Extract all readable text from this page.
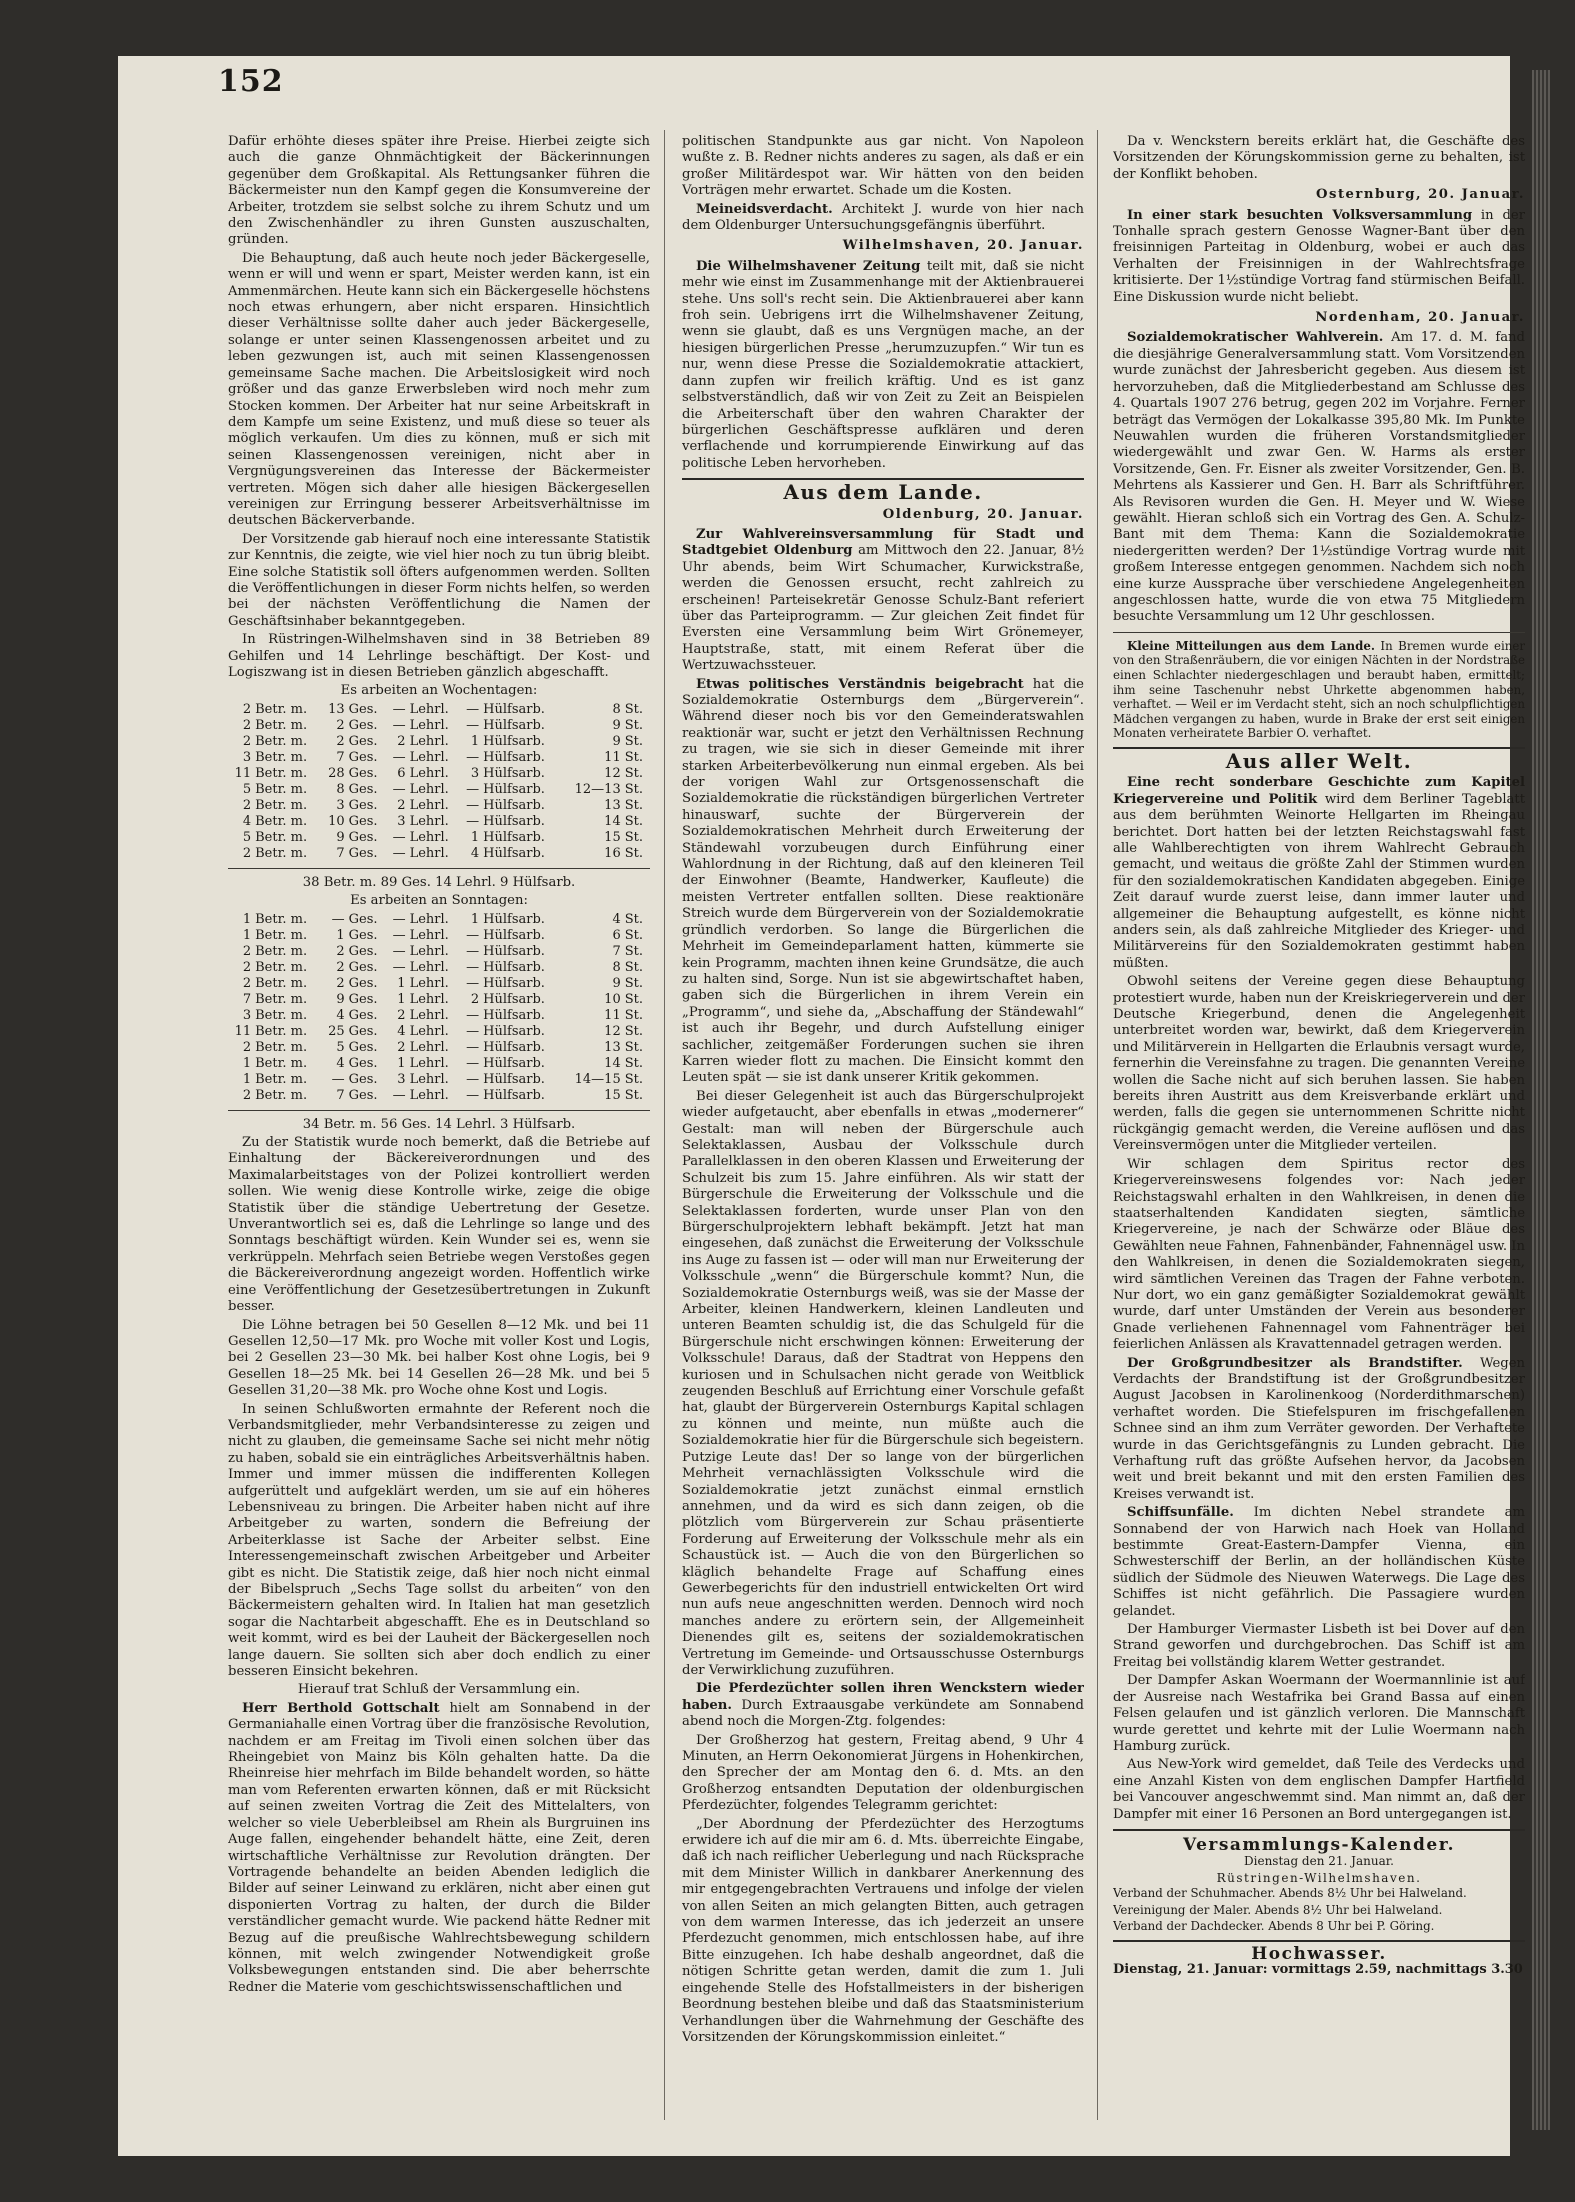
152

Dafür erhöhte dieses später ihre Preise. Hierbei zeigte sich auch die ganze Ohnmächtigkeit der Bäckerinnungen gegenüber dem Großkapital. Als Rettungsanker führen die Bäckermeister nun den Kampf gegen die Konsumvereine der Arbeiter, trotzdem sie selbst solche zu ihrem Schutz und um den Zwischenhändler zu ihren Gunsten auszuschalten, gründen.

Die Behauptung, daß auch heute noch jeder Bäckergeselle, wenn er will und wenn er spart, Meister werden kann, ist ein Ammenmärchen. Heute kann sich ein Bäckergeselle höchstens noch etwas erhungern, aber nicht ersparen. Hinsichtlich dieser Verhältnisse sollte daher auch jeder Bäckergeselle, solange er unter seinen Klassengenossen arbeitet und zu leben gezwungen ist, auch mit seinen Klassengenossen gemeinsame Sache machen. Die Arbeitslosigkeit wird noch größer und das ganze Erwerbsleben wird noch mehr zum Stocken kommen. Der Arbeiter hat nur seine Arbeitskraft in dem Kampfe um seine Existenz, und muß diese so teuer als möglich verkaufen. Um dies zu können, muß er sich mit seinen Klassengenossen vereinigen, nicht aber in Vergnügungsvereinen das Interesse der Bäckermeister vertreten. Mögen sich daher alle hiesigen Bäckergesellen vereinigen zur Erringung besserer Arbeitsverhältnisse im deutschen Bäckerverbande.

Der Vorsitzende gab hierauf noch eine interessante Statistik zur Kenntnis, die zeigte, wie viel hier noch zu tun übrig bleibt. Eine solche Statistik soll öfters aufgenommen werden. Sollten die Veröffentlichungen in dieser Form nichts helfen, so werden bei der nächsten Veröffentlichung die Namen der Geschäftsinhaber bekanntgegeben.

In Rüstringen-Wilhelmshaven sind in 38 Betrieben 89 Gehilfen und 14 Lehrlinge beschäftigt. Der Kost- und Logiszwang ist in diesen Betrieben gänzlich abgeschafft.

Es arbeiten an Wochentagen:

2	Betr. m.	13	Ges.	—	Lehrl.	—	Hülfsarb.	8	St.
2	Betr. m.	2	Ges.	—	Lehrl.	—	Hülfsarb.	9	St.
2	Betr. m.	2	Ges.	2	Lehrl.	1	Hülfsarb.	9	St.
3	Betr. m.	7	Ges.	—	Lehrl.	—	Hülfsarb.	11	St.
11	Betr. m.	28	Ges.	6	Lehrl.	3	Hülfsarb.	12	St.
5	Betr. m.	8	Ges.	—	Lehrl.	—	Hülfsarb.	12—13	St.
2	Betr. m.	3	Ges.	2	Lehrl.	—	Hülfsarb.	13	St.
4	Betr. m.	10	Ges.	3	Lehrl.	—	Hülfsarb.	14	St.
5	Betr. m.	9	Ges.	—	Lehrl.	1	Hülfsarb.	15	St.
2	Betr. m.	7	Ges.	—	Lehrl.	4	Hülfsarb.	16	St.

38 Betr. m. 89 Ges. 14 Lehrl. 9 Hülfsarb.

Es arbeiten an Sonntagen:

1	Betr. m.	—	Ges.	—	Lehrl.	1	Hülfsarb.	4	St.
1	Betr. m.	1	Ges.	—	Lehrl.	—	Hülfsarb.	6	St.
2	Betr. m.	2	Ges.	—	Lehrl.	—	Hülfsarb.	7	St.
2	Betr. m.	2	Ges.	—	Lehrl.	—	Hülfsarb.	8	St.
2	Betr. m.	2	Ges.	1	Lehrl.	—	Hülfsarb.	9	St.
7	Betr. m.	9	Ges.	1	Lehrl.	2	Hülfsarb.	10	St.
3	Betr. m.	4	Ges.	2	Lehrl.	—	Hülfsarb.	11	St.
11	Betr. m.	25	Ges.	4	Lehrl.	—	Hülfsarb.	12	St.
2	Betr. m.	5	Ges.	2	Lehrl.	—	Hülfsarb.	13	St.
1	Betr. m.	4	Ges.	1	Lehrl.	—	Hülfsarb.	14	St.
1	Betr. m.	—	Ges.	3	Lehrl.	—	Hülfsarb.	14—15	St.
2	Betr. m.	7	Ges.	—	Lehrl.	—	Hülfsarb.	15	St.

34 Betr. m. 56 Ges. 14 Lehrl. 3 Hülfsarb.

Zu der Statistik wurde noch bemerkt, daß die Betriebe auf Einhaltung der Bäckereiverordnungen und des Maximalarbeitstages von der Polizei kontrolliert werden sollen. Wie wenig diese Kontrolle wirke, zeige die obige Statistik über die ständige Uebertretung der Gesetze. Unverantwortlich sei es, daß die Lehrlinge so lange und des Sonntags beschäftigt würden. Kein Wunder sei es, wenn sie verkrüppeln. Mehrfach seien Betriebe wegen Verstoßes gegen die Bäckereiverordnung angezeigt worden. Hoffentlich wirke eine Veröffentlichung der Gesetzesübertretungen in Zukunft besser.

Die Löhne betragen bei 50 Gesellen 8—12 Mk. und bei 11 Gesellen 12,50—17 Mk. pro Woche mit voller Kost und Logis, bei 2 Gesellen 23—30 Mk. bei halber Kost ohne Logis, bei 9 Gesellen 18—25 Mk. bei 14 Gesellen 26—28 Mk. und bei 5 Gesellen 31,20—38 Mk. pro Woche ohne Kost und Logis.

In seinen Schlußworten ermahnte der Referent noch die Verbandsmitglieder, mehr Verbandsinteresse zu zeigen und nicht zu glauben, die gemeinsame Sache sei nicht mehr nötig zu haben, sobald sie ein einträgliches Arbeitsverhältnis haben. Immer und immer müssen die indifferenten Kollegen aufgerüttelt und aufgeklärt werden, um sie auf ein höheres Lebensniveau zu bringen. Die Arbeiter haben nicht auf ihre Arbeitgeber zu warten, sondern die Befreiung der Arbeiterklasse ist Sache der Arbeiter selbst. Eine Interessengemeinschaft zwischen Arbeitgeber und Arbeiter gibt es nicht. Die Statistik zeige, daß hier noch nicht einmal der Bibelspruch „Sechs Tage sollst du arbeiten“ von den Bäckermeistern gehalten wird. In Italien hat man gesetzlich sogar die Nachtarbeit abgeschafft. Ehe es in Deutschland so weit kommt, wird es bei der Lauheit der Bäckergesellen noch lange dauern. Sie sollten sich aber doch endlich zu einer besseren Einsicht bekehren.

Hierauf trat Schluß der Versammlung ein.

Herr Berthold Gottschalt hielt am Sonnabend in der Germaniahalle einen Vortrag über die französische Revolution, nachdem er am Freitag im Tivoli einen solchen über das Rheingebiet von Mainz bis Köln gehalten hatte. Da die Rheinreise hier mehrfach im Bilde behandelt worden, so hätte man vom Referenten erwarten können, daß er mit Rücksicht auf seinen zweiten Vortrag die Zeit des Mittelalters, von welcher so viele Ueberbleibsel am Rhein als Burgruinen ins Auge fallen, eingehender behandelt hätte, eine Zeit, deren wirtschaftliche Verhältnisse zur Revolution drängten. Der Vortragende behandelte an beiden Abenden lediglich die Bilder auf seiner Leinwand zu erklären, nicht aber einen gut disponierten Vortrag zu halten, der durch die Bilder verständlicher gemacht wurde. Wie packend hätte Redner mit Bezug auf die preußische Wahlrechtsbewegung schildern können, mit welch zwingender Notwendigkeit große Volksbewegungen entstanden sind. Die aber beherrschte Redner die Materie vom geschichtswissenschaftlichen und

politischen Standpunkte aus gar nicht. Von Napoleon wußte z. B. Redner nichts anderes zu sagen, als daß er ein großer Militärdespot war. Wir hätten von den beiden Vorträgen mehr erwartet. Schade um die Kosten.

Meineidsverdacht. Architekt J. wurde von hier nach dem Oldenburger Untersuchungsgefängnis überführt.

Wilhelmshaven, 20. Januar.

Die Wilhelmshavener Zeitung teilt mit, daß sie nicht mehr wie einst im Zusammenhange mit der Aktienbrauerei stehe. Uns soll's recht sein. Die Aktienbrauerei aber kann froh sein. Uebrigens irrt die Wilhelmshavener Zeitung, wenn sie glaubt, daß es uns Vergnügen mache, an der hiesigen bürgerlichen Presse „herumzuzupfen.“ Wir tun es nur, wenn diese Presse die Sozialdemokratie attackiert, dann zupfen wir freilich kräftig. Und es ist ganz selbstverständlich, daß wir von Zeit zu Zeit an Beispielen die Arbeiterschaft über den wahren Charakter der bürgerlichen Geschäftspresse aufklären und deren verflachende und korrumpierende Einwirkung auf das politische Leben hervorheben.

Aus dem Lande.

Oldenburg, 20. Januar.

Zur Wahlvereinsversammlung für Stadt und Stadtgebiet Oldenburg am Mittwoch den 22. Januar, 8½ Uhr abends, beim Wirt Schumacher, Kurwickstraße, werden die Genossen ersucht, recht zahlreich zu erscheinen! Parteisekretär Genosse Schulz-Bant referiert über das Parteiprogramm. — Zur gleichen Zeit findet für Eversten eine Versammlung beim Wirt Grönemeyer, Hauptstraße, statt, mit einem Referat über die Wertzuwachssteuer.

Etwas politisches Verständnis beigebracht hat die Sozialdemokratie Osternburgs dem „Bürgerverein“. Während dieser noch bis vor den Gemeinderatswahlen reaktionär war, sucht er jetzt den Verhältnissen Rechnung zu tragen, wie sie sich in dieser Gemeinde mit ihrer starken Arbeiterbevölkerung nun einmal ergeben. Als bei der vorigen Wahl zur Ortsgenossenschaft die Sozialdemokratie die rückständigen bürgerlichen Vertreter hinauswarf, suchte der Bürgerverein der Sozialdemokratischen Mehrheit durch Erweiterung der Ständewahl vorzubeugen durch Einführung einer Wahlordnung in der Richtung, daß auf den kleineren Teil der Einwohner (Beamte, Handwerker, Kaufleute) die meisten Vertreter entfallen sollten. Diese reaktionäre Streich wurde dem Bürgerverein von der Sozialdemokratie gründlich verdorben. So lange die Bürgerlichen die Mehrheit im Gemeindeparlament hatten, kümmerte sie kein Programm, machten ihnen keine Grundsätze, die auch zu halten sind, Sorge. Nun ist sie abgewirtschaftet haben, gaben sich die Bürgerlichen in ihrem Verein ein „Programm“, und siehe da, „Abschaffung der Ständewahl“ ist auch ihr Begehr, und durch Aufstellung einiger sachlicher, zeitgemäßer Forderungen suchen sie ihren Karren wieder flott zu machen. Die Einsicht kommt den Leuten spät — sie ist dank unserer Kritik gekommen.

Bei dieser Gelegenheit ist auch das Bürgerschulprojekt wieder aufgetaucht, aber ebenfalls in etwas „modernerer“ Gestalt: man will neben der Bürgerschule auch Selektaklassen, Ausbau der Volksschule durch Parallelklassen in den oberen Klassen und Erweiterung der Schulzeit bis zum 15. Jahre einführen. Als wir statt der Bürgerschule die Erweiterung der Volksschule und die Selektaklassen forderten, wurde unser Plan von den Bürgerschulprojektern lebhaft bekämpft. Jetzt hat man eingesehen, daß zunächst die Erweiterung der Volksschule ins Auge zu fassen ist — oder will man nur Erweiterung der Volksschule „wenn“ die Bürgerschule kommt? Nun, die Sozialdemokratie Osternburgs weiß, was sie der Masse der Arbeiter, kleinen Handwerkern, kleinen Landleuten und unteren Beamten schuldig ist, die das Schulgeld für die Bürgerschule nicht erschwingen können: Erweiterung der Volksschule! Daraus, daß der Stadtrat von Heppens den kuriosen und in Schulsachen nicht gerade von Weitblick zeugenden Beschluß auf Errichtung einer Vorschule gefaßt hat, glaubt der Bürgerverein Osternburgs Kapital schlagen zu können und meinte, nun müßte auch die Sozialdemokratie hier für die Bürgerschule sich begeistern. Putzige Leute das! Der so lange von der bürgerlichen Mehrheit vernachlässigten Volksschule wird die Sozialdemokratie jetzt zunächst einmal ernstlich annehmen, und da wird es sich dann zeigen, ob die plötzlich vom Bürgerverein zur Schau präsentierte Forderung auf Erweiterung der Volksschule mehr als ein Schaustück ist. — Auch die von den Bürgerlichen so kläglich behandelte Frage auf Schaffung eines Gewerbegerichts für den industriell entwickelten Ort wird nun aufs neue angeschnitten werden. Dennoch wird noch manches andere zu erörtern sein, der Allgemeinheit Dienendes gilt es, seitens der sozialdemokratischen Vertretung im Gemeinde- und Ortsausschusse Osternburgs der Verwirklichung zuzuführen.

Die Pferdezüchter sollen ihren Wenckstern wieder haben. Durch Extraausgabe verkündete am Sonnabend abend noch die Morgen-Ztg. folgendes:

Der Großherzog hat gestern, Freitag abend, 9 Uhr 4 Minuten, an Herrn Oekonomierat Jürgens in Hohenkirchen, den Sprecher der am Montag den 6. d. Mts. an den Großherzog entsandten Deputation der oldenburgischen Pferdezüchter, folgendes Telegramm gerichtet:

„Der Abordnung der Pferdezüchter des Herzogtums erwidere ich auf die mir am 6. d. Mts. überreichte Eingabe, daß ich nach reiflicher Ueberlegung und nach Rücksprache mit dem Minister Willich in dankbarer Anerkennung des mir entgegengebrachten Vertrauens und infolge der vielen von allen Seiten an mich gelangten Bitten, auch getragen von dem warmen Interesse, das ich jederzeit an unsere Pferdezucht genommen, mich entschlossen habe, auf ihre Bitte einzugehen. Ich habe deshalb angeordnet, daß die nötigen Schritte getan werden, damit die zum 1. Juli eingehende Stelle des Hofstallmeisters in der bisherigen Beordnung bestehen bleibe und daß das Staatsministerium Verhandlungen über die Wahrnehmung der Geschäfte des Vorsitzenden der Körungskommission einleitet.“

Da v. Wenckstern bereits erklärt hat, die Geschäfte des Vorsitzenden der Körungskommission gerne zu behalten, ist der Konflikt behoben.

Osternburg, 20. Januar.

In einer stark besuchten Volksversammlung in der Tonhalle sprach gestern Genosse Wagner-Bant über den freisinnigen Parteitag in Oldenburg, wobei er auch das Verhalten der Freisinnigen in der Wahlrechtsfrage kritisierte. Der 1½stündige Vortrag fand stürmischen Beifall. Eine Diskussion wurde nicht beliebt.

Nordenham, 20. Januar.

Sozialdemokratischer Wahlverein. Am 17. d. M. fand die diesjährige Generalversammlung statt. Vom Vorsitzenden wurde zunächst der Jahresbericht gegeben. Aus diesem ist hervorzuheben, daß die Mitgliederbestand am Schlusse des 4. Quartals 1907 276 betrug, gegen 202 im Vorjahre. Ferner beträgt das Vermögen der Lokalkasse 395,80 Mk. Im Punkte Neuwahlen wurden die früheren Vorstandsmitglieder wiedergewählt und zwar Gen. W. Harms als erster Vorsitzende, Gen. Fr. Eisner als zweiter Vorsitzender, Gen. B. Mehrtens als Kassierer und Gen. H. Barr als Schriftführer. Als Revisoren wurden die Gen. H. Meyer und W. Wiese gewählt. Hieran schloß sich ein Vortrag des Gen. A. Schulz-Bant mit dem Thema: Kann die Sozialdemokratie niedergeritten werden? Der 1½stündige Vortrag wurde mit großem Interesse entgegen genommen. Nachdem sich noch eine kurze Aussprache über verschiedene Angelegenheiten angeschlossen hatte, wurde die von etwa 75 Mitgliedern besuchte Versammlung um 12 Uhr geschlossen.

Kleine Mitteilungen aus dem Lande. In Bremen wurde einer von den Straßenräubern, die vor einigen Nächten in der Nordstraße einen Schlachter niedergeschlagen und beraubt haben, ermittelt; ihm seine Taschenuhr nebst Uhrkette abgenommen haben, verhaftet. — Weil er im Verdacht steht, sich an noch schulpflichtigen Mädchen vergangen zu haben, wurde in Brake der erst seit einigen Monaten verheiratete Barbier O. verhaftet.

Aus aller Welt.

Eine recht sonderbare Geschichte zum Kapitel Kriegervereine und Politik wird dem Berliner Tageblatt aus dem berühmten Weinorte Hellgarten im Rheingau berichtet. Dort hatten bei der letzten Reichstagswahl fast alle Wahlberechtigten von ihrem Wahlrecht Gebrauch gemacht, und weitaus die größte Zahl der Stimmen wurden für den sozialdemokratischen Kandidaten abgegeben. Einige Zeit darauf wurde zuerst leise, dann immer lauter und allgemeiner die Behauptung aufgestellt, es könne nicht anders sein, als daß zahlreiche Mitglieder des Krieger- und Militärvereins für den Sozialdemokraten gestimmt haben müßten.

Obwohl seitens der Vereine gegen diese Behauptung protestiert wurde, haben nun der Kreiskriegerverein und der Deutsche Kriegerbund, denen die Angelegenheit unterbreitet worden war, bewirkt, daß dem Kriegerverein und Militärverein in Hellgarten die Erlaubnis versagt wurde, fernerhin die Vereinsfahne zu tragen. Die genannten Vereine wollen die Sache nicht auf sich beruhen lassen. Sie haben bereits ihren Austritt aus dem Kreisverbande erklärt und werden, falls die gegen sie unternommenen Schritte nicht rückgängig gemacht werden, die Vereine auflösen und das Vereinsvermögen unter die Mitglieder verteilen.

Wir schlagen dem Spiritus rector des Kriegervereinswesens folgendes vor: Nach jeder Reichstagswahl erhalten in den Wahlkreisen, in denen die staatserhaltenden Kandidaten siegten, sämtliche Kriegervereine, je nach der Schwärze oder Bläue des Gewählten neue Fahnen, Fahnenbänder, Fahnennägel usw. In den Wahlkreisen, in denen die Sozialdemokraten siegen, wird sämtlichen Vereinen das Tragen der Fahne verboten. Nur dort, wo ein ganz gemäßigter Sozialdemokrat gewählt wurde, darf unter Umständen der Verein aus besonderer Gnade verliehenen Fahnennagel vom Fahnenträger bei feierlichen Anlässen als Kravattennadel getragen werden.

Der Großgrundbesitzer als Brandstifter. Wegen Verdachts der Brandstiftung ist der Großgrundbesitzer August Jacobsen in Karolinenkoog (Norderdithmarschen) verhaftet worden. Die Stiefelspuren im frischgefallenen Schnee sind an ihm zum Verräter geworden. Der Verhaftete wurde in das Gerichtsgefängnis zu Lunden gebracht. Die Verhaftung ruft das größte Aufsehen hervor, da Jacobsen weit und breit bekannt und mit den ersten Familien des Kreises verwandt ist.

Schiffsunfälle. Im dichten Nebel strandete am Sonnabend der von Harwich nach Hoek van Holland bestimmte Great-Eastern-Dampfer Vienna, ein Schwesterschiff der Berlin, an der holländischen Küste südlich der Südmole des Nieuwen Waterwegs. Die Lage des Schiffes ist nicht gefährlich. Die Passagiere wurden gelandet.

Der Hamburger Viermaster Lisbeth ist bei Dover auf den Strand geworfen und durchgebrochen. Das Schiff ist am Freitag bei vollständig klarem Wetter gestrandet.

Der Dampfer Askan Woermann der Woermannlinie ist auf der Ausreise nach Westafrika bei Grand Bassa auf einen Felsen gelaufen und ist gänzlich verloren. Die Mannschaft wurde gerettet und kehrte mit der Lulie Woermann nach Hamburg zurück.

Aus New-York wird gemeldet, daß Teile des Verdecks und eine Anzahl Kisten von dem englischen Dampfer Hartfield bei Vancouver angeschwemmt sind. Man nimmt an, daß der Dampfer mit einer 16 Personen an Bord untergegangen ist.

Versammlungs-Kalender.
Dienstag den 21. Januar.
Rüstringen-Wilhelmshaven.

Verband der Schuhmacher. Abends 8½ Uhr bei Halweland.

Vereinigung der Maler. Abends 8½ Uhr bei Halweland.

Verband der Dachdecker. Abends 8 Uhr bei P. Göring.

Hochwasser.

Dienstag, 21. Januar: vormittags 2.59, nachmittags 3.30
